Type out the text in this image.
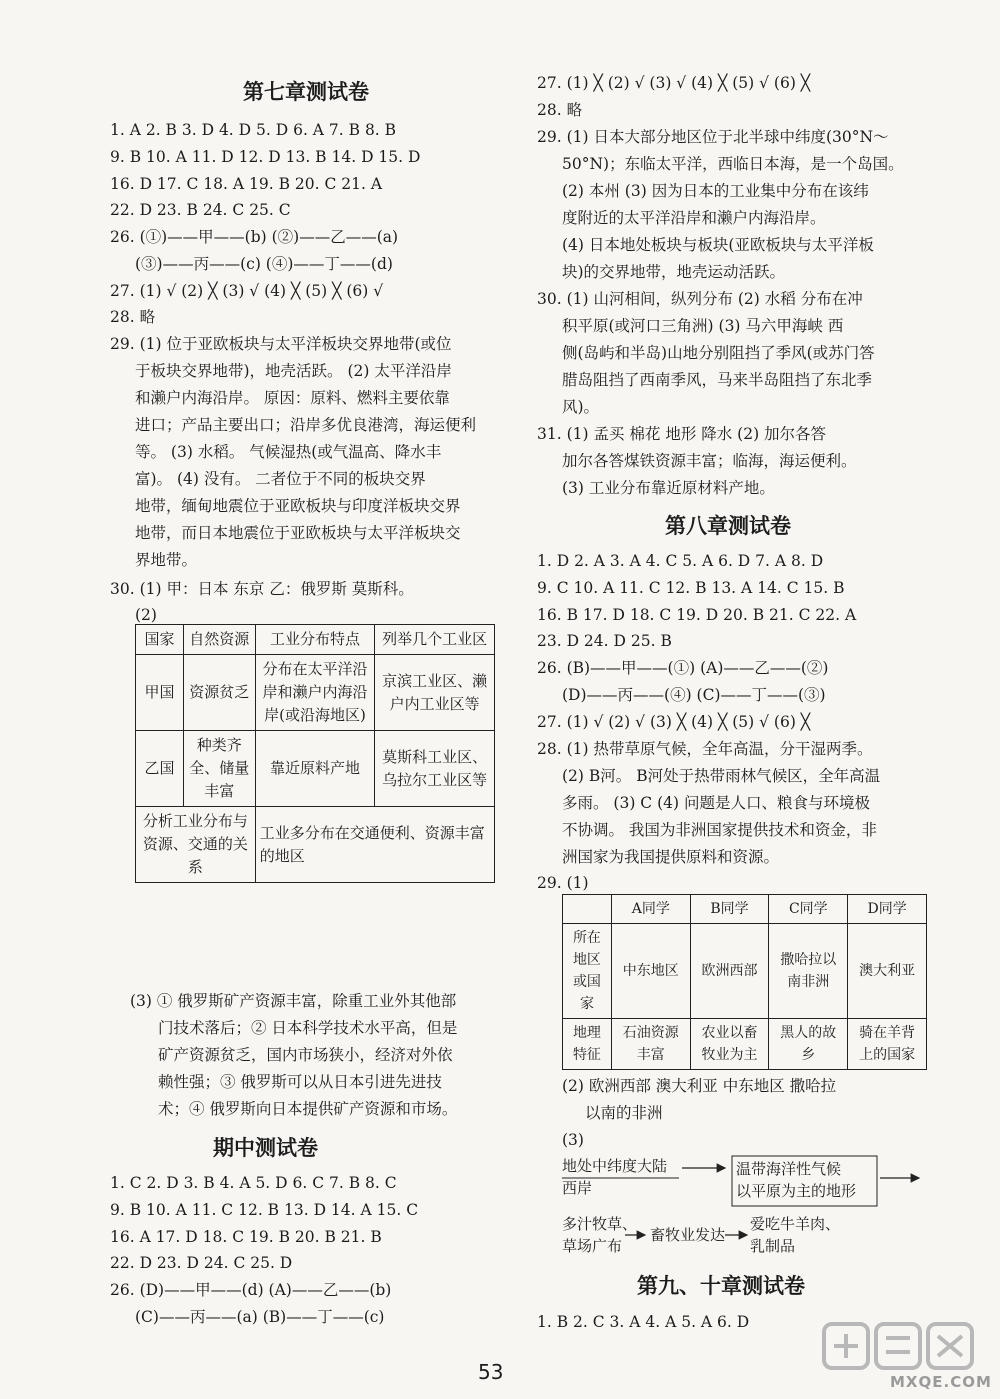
第七章测试卷
1. A 2. B 3. D 4. D 5. D 6. A 7. B 8. B
9. B 10. A 11. D 12. D 13. B 14. D 15. D
16. D 17. C 18. A 19. B 20. C 21. A
22. D 23. B 24. C 25. C
26. (①)——甲——(b) (②)——乙——(a)
(③)——丙——(c) (④)——丁——(d)
27. (1) √ (2) ╳ (3) √ (4) ╳ (5) ╳ (6) √
28. 略
29. (1) 位于亚欧板块与太平洋板块交界地带(或位
于板块交界地带)，地壳活跃。 (2) 太平洋沿岸
和濑户内海沿岸。 原因：原料、燃料主要依靠
进口；产品主要出口；沿岸多优良港湾，海运便利
等。 (3) 水稻。 气候湿热(或气温高、降水丰
富)。 (4) 没有。 二者位于不同的板块交界
地带，缅甸地震位于亚欧板块与印度洋板块交界
地带，而日本地震位于亚欧板块与太平洋板块交
界地带。
30. (1) 甲：日本 东京 乙：俄罗斯 莫斯科。
(2)
国家	自然资源	工业分布特点	列举几个工业区
甲国	资源贫乏	分布在太平洋沿岸和濑户内海沿岸(或沿海地区)	京滨工业区、濑户内工业区等
乙国	种类齐全、储量丰富	靠近原料产地	莫斯科工业区、乌拉尔工业区等
分析工业分布与资源、交通的关系		工业多分布在交通便利、资源丰富的地区	
(3) ① 俄罗斯矿产资源丰富，除重工业外其他部
门技术落后；② 日本科学技术水平高，但是
矿产资源贫乏，国内市场狭小，经济对外依
赖性强；③ 俄罗斯可以从日本引进先进技
术；④ 俄罗斯向日本提供矿产资源和市场。
期中测试卷
1. C 2. D 3. B 4. A 5. D 6. C 7. B 8. C
9. B 10. A 11. C 12. B 13. D 14. A 15. C
16. A 17. D 18. C 19. B 20. B 21. B
22. D 23. D 24. C 25. D
26. (D)——甲——(d) (A)——乙——(b)
(C)——丙——(a) (B)——丁——(c)
27. (1) ╳ (2) √ (3) √ (4) ╳ (5) √ (6) ╳
28. 略
29. (1) 日本大部分地区位于北半球中纬度(30°N～
50°N)；东临太平洋，西临日本海，是一个岛国。
(2) 本州 (3) 因为日本的工业集中分布在该纬
度附近的太平洋沿岸和濑户内海沿岸。
(4) 日本地处板块与板块(亚欧板块与太平洋板
块)的交界地带，地壳运动活跃。
30. (1) 山河相间，纵列分布 (2) 水稻 分布在冲
积平原(或河口三角洲) (3) 马六甲海峡 西
侧(岛屿和半岛)山地分别阻挡了季风(或苏门答
腊岛阻挡了西南季风，马来半岛阻挡了东北季
风)。
31. (1) 孟买 棉花 地形 降水 (2) 加尔各答
加尔各答煤铁资源丰富；临海，海运便利。
(3) 工业分布靠近原材料产地。
第八章测试卷
1. D 2. A 3. A 4. C 5. A 6. D 7. A 8. D
9. C 10. A 11. C 12. B 13. A 14. C 15. B
16. B 17. D 18. C 19. D 20. B 21. C 22. A
23. D 24. D 25. B
26. (B)——甲——(①) (A)——乙——(②)
(D)——丙——(④) (C)——丁——(③)
27. (1) √ (2) √ (3) ╳ (4) ╳ (5) √ (6) ╳
28. (1) 热带草原气候，全年高温，分干湿两季。
(2) B河。 B河处于热带雨林气候区，全年高温
多雨。 (3) C (4) 问题是人口、粮食与环境极
不协调。 我国为非洲国家提供技术和资金，非
洲国家为我国提供原料和资源。
29. (1)
	A同学	B同学	C同学	D同学
所在地区或国家	中东地区	欧洲西部	撒哈拉以南非洲	澳大利亚
地理特征	石油资源丰富	农业以畜牧业为主	黑人的故乡	骑在羊背上的国家
(2) 欧洲西部 澳大利亚 中东地区 撒哈拉
以南的非洲
(3)
地处中纬度大陆
西岸
温带海洋性气候
以平原为主的地形
多汁牧草、
草场广布
畜牧业发达
爱吃牛羊肉、
乳制品
第九、十章测试卷
1. B 2. C 3. A 4. A 5. A 6. D
53	MXQE.COM
